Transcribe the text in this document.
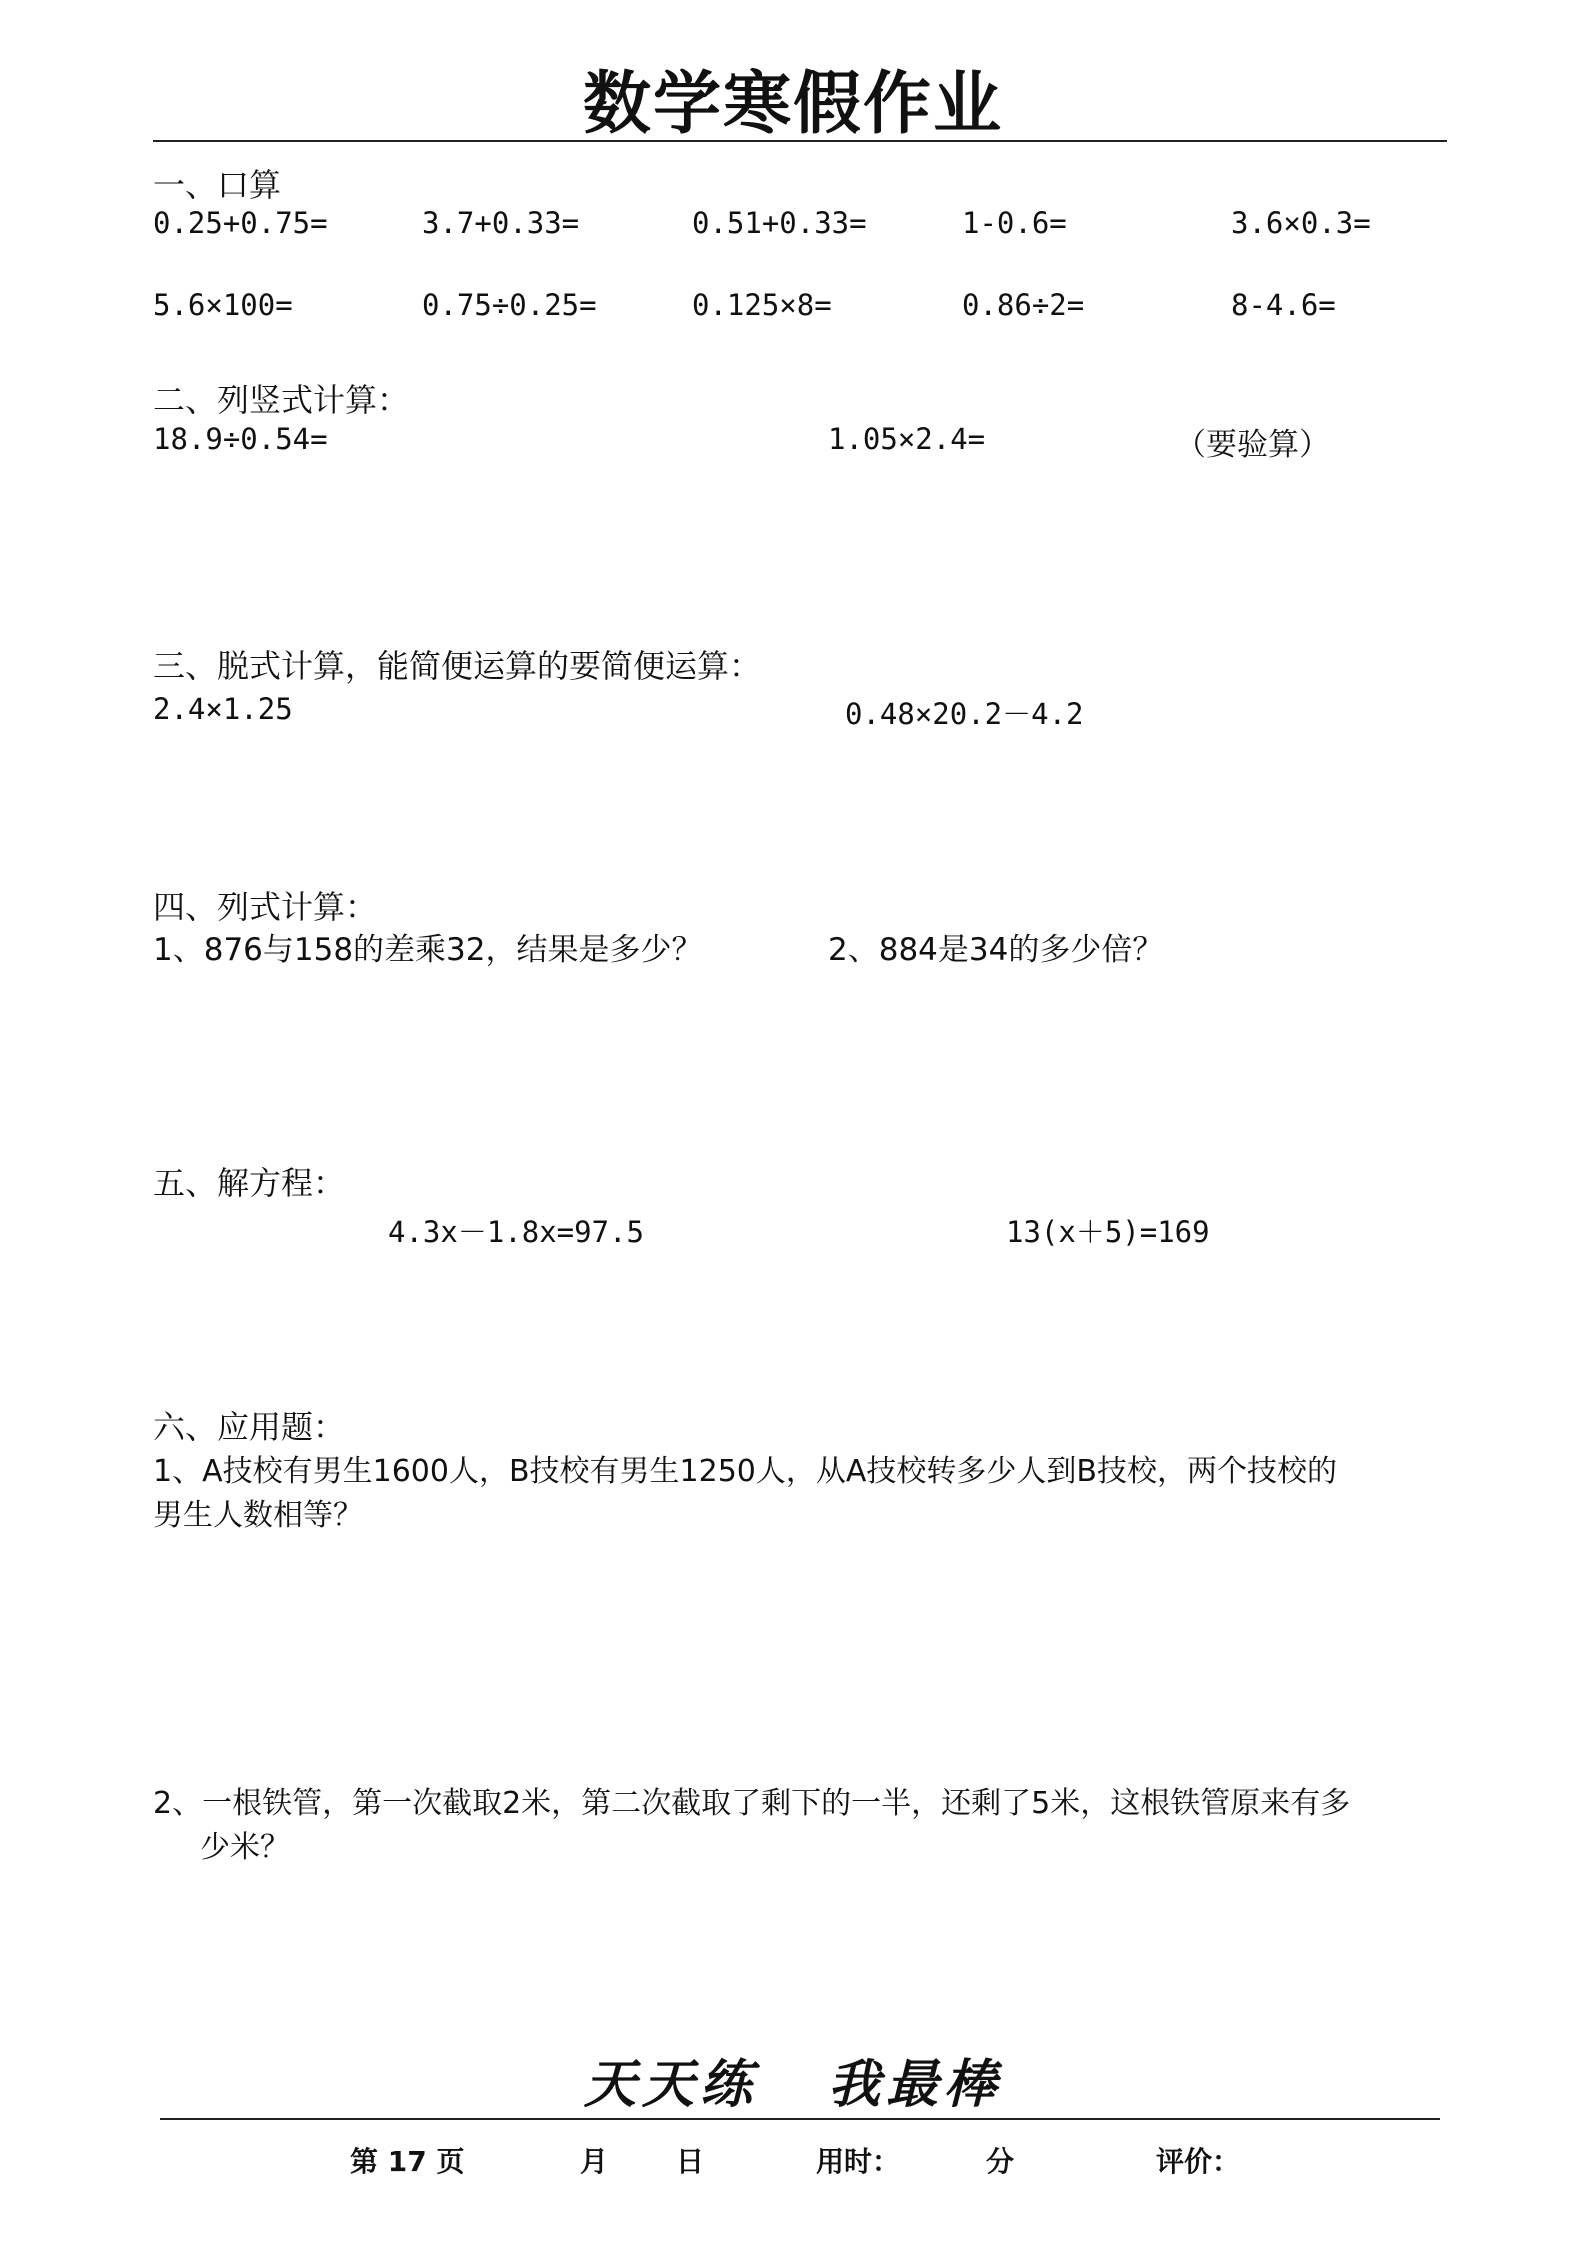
数学寒假作业
一、口算
0.25+0.75=	3.7+0.33=	0.51+0.33=	1-0.6=	3.6×0.3=
5.6×100=	0.75÷0.25=	0.125×8=	0.86÷2=	8-4.6=
二、列竖式计算：
18.9÷0.54=	1.05×2.4=	（要验算）
三、脱式计算，能简便运算的要简便运算：
2.4×1.25	0.48×20.2－4.2
四、列式计算：
1、876与158的差乘32，结果是多少？	2、884是34的多少倍？
五、解方程：
4.3x－1.8x=97.5	13(x＋5)=169
六、应用题：
1、A技校有男生1600人，B技校有男生1250人，从A技校转多少人到B技校，两个技校的
男生人数相等？
2、一根铁管，第一次截取2米，第二次截取了剩下的一半，还剩了5米，这根铁管原来有多
少米？
天天练 我最棒
第 17 页	月 日	用时：	分	评价：
